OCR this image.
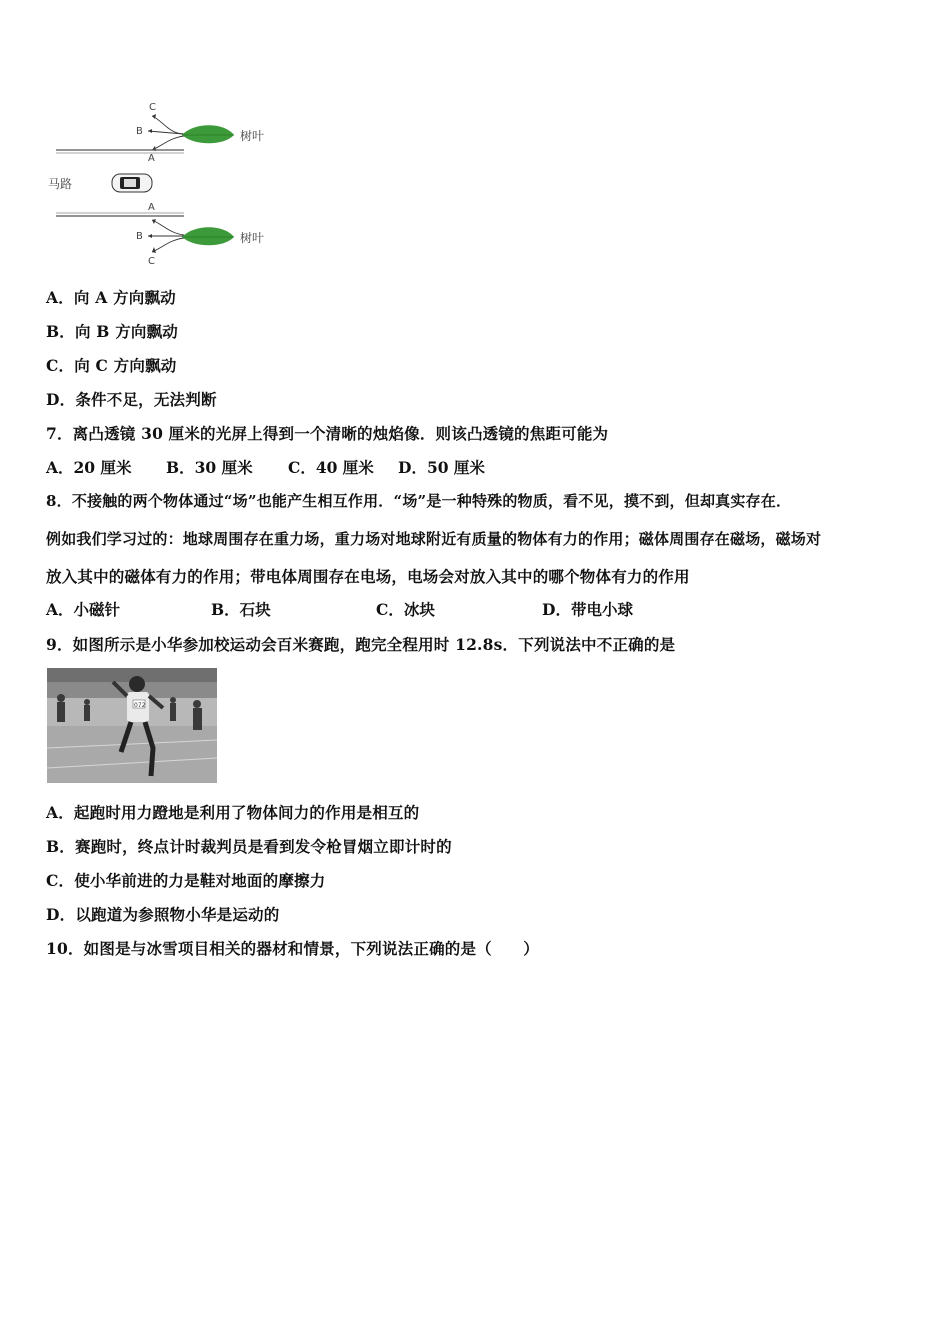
C
B
A
树叶
马路
A
B
C
树叶
A．向 A 方向飘动
B．向 B 方向飘动
C．向 C 方向飘动
D．条件不足，无法判断
7．离凸透镜 30 厘米的光屏上得到一个清晰的烛焰像．则该凸透镜的焦距可能为
A．20 厘米 B．30 厘米 C．40 厘米 D．50 厘米
8．不接触的两个物体通过“场”也能产生相互作用．“场”是一种特殊的物质，看不见，摸不到，但却真实存在．
例如我们学习过的：地球周围存在重力场，重力场对地球附近有质量的物体有力的作用；磁体周围存在磁场，磁场对
放入其中的磁体有力的作用；带电体周围存在电场，电场会对放入其中的哪个物体有力的作用
A．小磁针	B．石块	C．冰块	D．带电小球
9．如图所示是小华参加校运动会百米赛跑，跑完全程用时 12.8s．下列说法中不正确的是
072
A．起跑时用力蹬地是利用了物体间力的作用是相互的
B．赛跑时，终点计时裁判员是看到发令枪冒烟立即计时的
C．使小华前进的力是鞋对地面的摩擦力
D．以跑道为参照物小华是运动的
10．如图是与冰雪项目相关的器材和情景，下列说法正确的是（　　）
